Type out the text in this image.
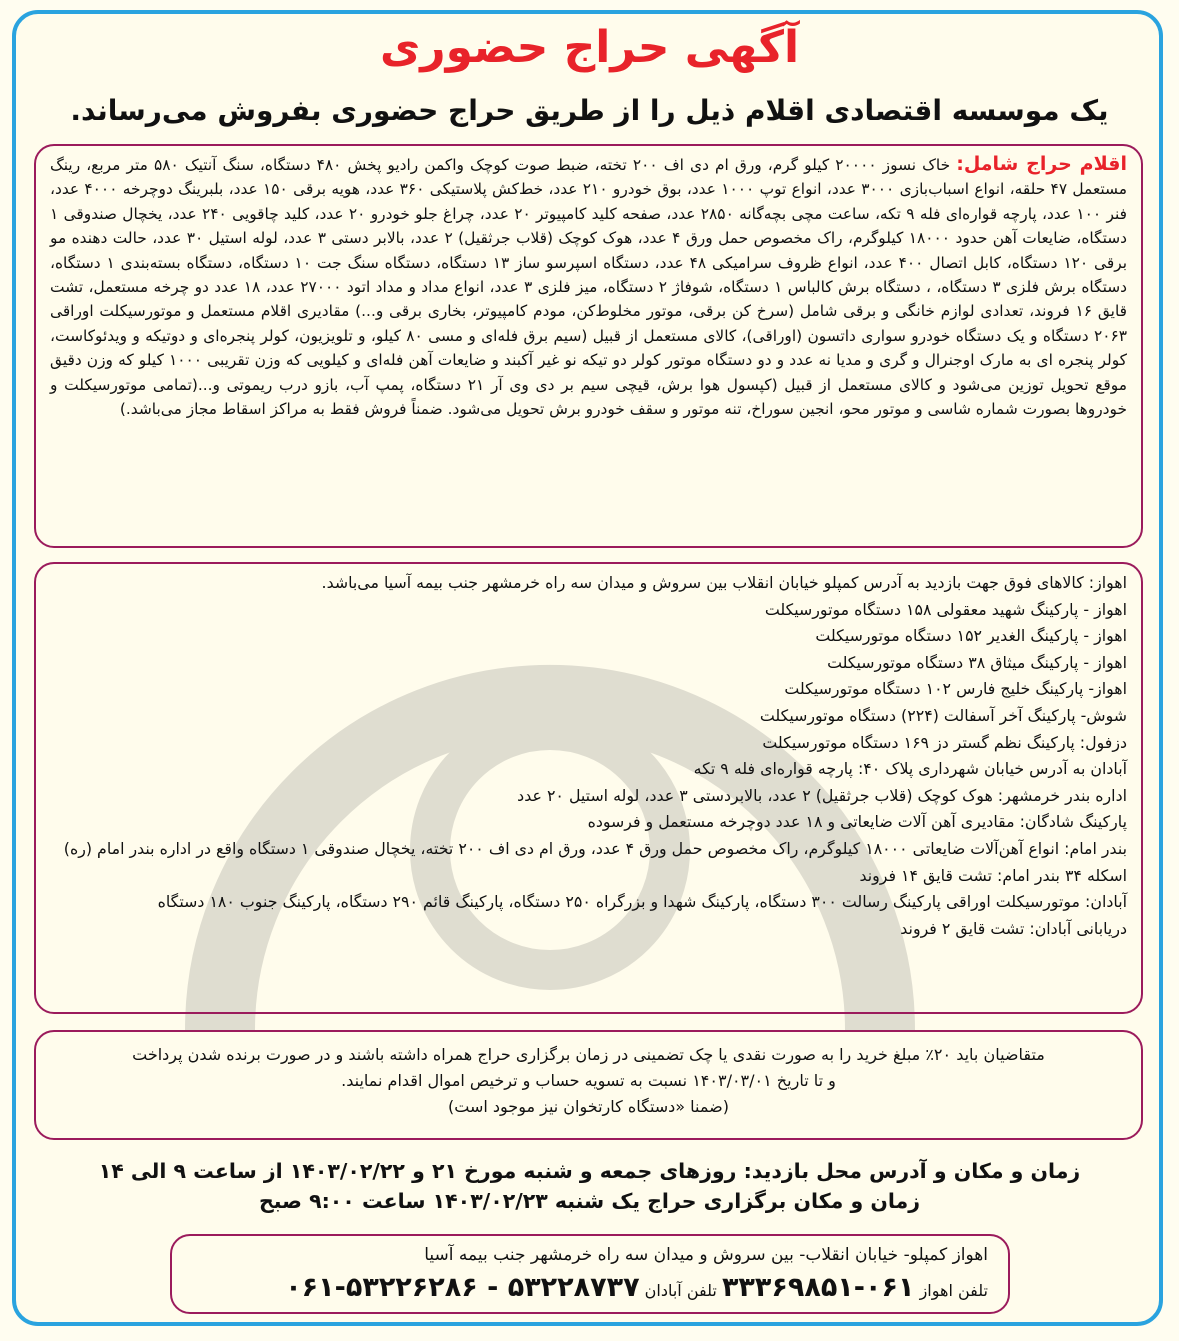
آگهی حراج حضوری
یک موسسه اقتصادی اقلام ذیل را از طریق حراج حضوری بفروش می‌رساند.
اقلام حراج شامل: خاک نسوز ۲۰۰۰۰ کیلو گرم، ورق ام دی اف ۲۰۰ تخته، ضبط صوت کوچک واکمن رادیو پخش ۴۸۰ دستگاه، سنگ آنتیک ۵۸۰ متر مربع، رینگ مستعمل ۴۷ حلقه، انواع اسباب‌بازی ۳۰۰۰ عدد، انواع توپ ۱۰۰۰ عدد، بوق خودرو ۲۱۰ عدد، خط‌کش پلاستیکی ۳۶۰ عدد، هویه برقی ۱۵۰ عدد، بلبرینگ دوچرخه ۴۰۰۰ عدد، فنر ۱۰۰ عدد، پارچه قواره‌ای فله ۹ تکه، ساعت مچی بچه‌گانه ۲۸۵۰ عدد، صفحه کلید کامپیوتر ۲۰ عدد، چراغ جلو خودرو ۲۰ عدد، کلید چاقویی ۲۴۰ عدد، یخچال صندوقی ۱ دستگاه، ضایعات آهن حدود ۱۸۰۰۰ کیلوگرم، راک مخصوص حمل ورق ۴ عدد، هوک کوچک (قلاب جرثقیل) ۲ عدد، بالابر دستی ۳ عدد، لوله استیل ۳۰ عدد، حالت دهنده مو برقی ۱۲۰ دستگاه، کابل اتصال ۴۰۰ عدد، انواع ظروف سرامیکی ۴۸ عدد، دستگاه اسپرسو ساز ۱۳ دستگاه، دستگاه سنگ جت ۱۰ دستگاه، دستگاه بسته‌بندی ۱ دستگاه، دستگاه برش فلزی ۳ دستگاه، ، دستگاه برش کالباس ۱ دستگاه، شوفاژ ۲ دستگاه، میز فلزی ۳ عدد، انواع مداد و مداد اتود ۲۷۰۰۰ عدد، ۱۸ عدد دو چرخه مستعمل، تشت قایق ۱۶ فروند، تعدادی لوازم خانگی و برقی شامل (سرخ کن برقی، موتور مخلوط‌کن، مودم کامپیوتر، بخاری برقی و...) مقادیری اقلام مستعمل و موتورسیکلت اوراقی ۲۰۶۳ دستگاه و یک دستگاه خودرو سواری داتسون (اوراقی)، کالای مستعمل از قبیل (سیم برق فله‌ای و مسی ۸۰ کیلو، و تلویزیون، کولر پنجره‌ای و دوتیکه و ویدئوکاست، کولر پنجره ای به مارک اوجنرال و گری و مدیا نه عدد و دو دستگاه موتور کولر دو تیکه نو غیر آکبند و ضایعات آهن فله‌ای و کیلویی که وزن تقریبی ۱۰۰۰ کیلو که وزن دقیق موقع تحویل توزین می‌شود و کالای مستعمل از قبیل (کپسول هوا برش، قیچی سیم بر دی وی آر ۲۱ دستگاه، پمپ آب، بازو درب ریموتی و...(تمامی موتورسیکلت و خودروها بصورت شماره شاسی و موتور محو، انجین سوراخ، تنه موتور و سقف خودرو برش تحویل می‌شود. ضمناً فروش فقط به مراکز اسقاط مجاز می‌باشد.)
اهواز: کالاهای فوق جهت بازدید به آدرس کمپلو خیابان انقلاب بین سروش و میدان سه راه خرمشهر جنب بیمه آسیا می‌باشد.
اهواز - پارکینگ شهید معقولی ۱۵۸ دستگاه موتورسیکلت
اهواز - پارکینگ الغدیر ۱۵۲ دستگاه موتورسیکلت
اهواز - پارکینگ میثاق ۳۸ دستگاه موتورسیکلت
اهواز- پارکینگ خلیج فارس ۱۰۲ دستگاه موتورسیکلت
شوش- پارکینگ آخر آسفالت (۲۲۴) دستگاه موتورسیکلت
دزفول: پارکینگ نظم گستر دز ۱۶۹ دستگاه موتورسیکلت
آبادان به آدرس خیابان شهرداری پلاک ۴۰: پارچه قواره‌ای فله ۹ تکه
اداره بندر خرمشهر: هوک کوچک (قلاب جرثقیل) ۲ عدد، بالابردستی ۳ عدد، لوله استیل ۲۰ عدد
پارکینگ شادگان: مقادیری آهن آلات ضایعاتی و ۱۸ عدد دوچرخه مستعمل و فرسوده
بندر امام: انواع آهن‌آلات ضایعاتی ۱۸۰۰۰ کیلوگرم، راک مخصوص حمل ورق ۴ عدد، ورق ام دی اف ۲۰۰ تخته، یخچال صندوقی ۱ دستگاه واقع در اداره بندر امام (ره)
اسکله ۳۴ بندر امام: تشت قایق ۱۴ فروند
آبادان: موتورسیکلت اوراقی پارکینگ رسالت ۳۰۰ دستگاه، پارکینگ شهدا و بزرگراه ۲۵۰ دستگاه، پارکینگ قائم ۲۹۰ دستگاه، پارکینگ جنوب ۱۸۰ دستگاه
دریابانی آبادان: تشت قایق ۲ فروند
متقاضیان باید ۲۰٪ مبلغ خرید را به صورت نقدی یا چک تضمینی در زمان برگزاری حراج همراه داشته باشند و در صورت برنده شدن پرداخت
و تا تاریخ ۱۴۰۳/۰۳/۰۱ نسبت به تسویه حساب و ترخیص اموال اقدام نمایند.
(ضمنا «دستگاه کارتخوان نیز موجود است)
زمان و مکان و آدرس محل بازدید: روزهای جمعه و شنبه مورخ ۲۱ و ۱۴۰۳/۰۲/۲۲ از ساعت ۹ الی ۱۴
زمان و مکان برگزاری حراج یک شنبه ۱۴۰۳/۰۲/۲۳ ساعت ۹:۰۰ صبح
اهواز کمپلو- خیابان انقلاب- بین سروش و میدان سه راه خرمشهر جنب بیمه آسیا
تلفن اهواز ۰۶۱-۳۳۳۶۹۸۵۱ تلفن آبادان ۵۳۲۲۸۷۳۷ - ۵۳۲۲۶۲۸۶-۰۶۱
